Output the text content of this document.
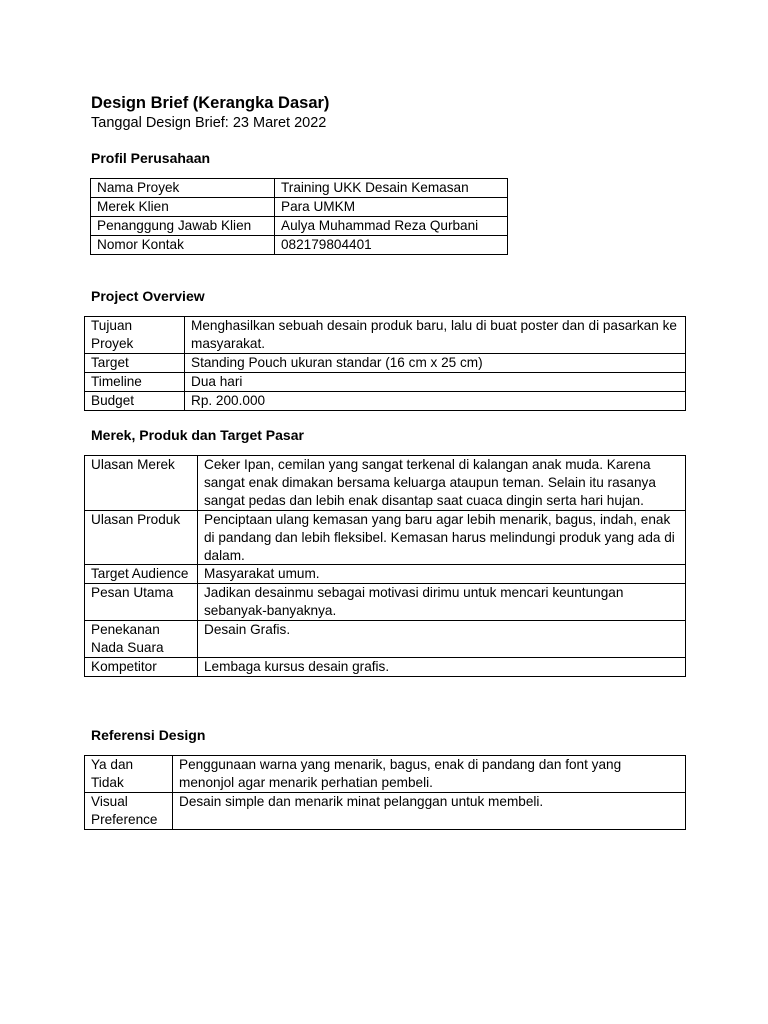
Design Brief (Kerangka Dasar)
Tanggal Design Brief: 23 Maret 2022
Profil Perusahaan
Nama Proyek	Training UKK Desain Kemasan
Merek Klien	Para UMKM
Penanggung Jawab Klien	Aulya Muhammad Reza Qurbani
Nomor Kontak	082179804401
Project Overview
Tujuan Proyek	Menghasilkan sebuah desain produk baru, lalu di buat poster dan di pasarkan ke masyarakat.
Target	Standing Pouch ukuran standar (16 cm x 25 cm)
Timeline	Dua hari
Budget	Rp. 200.000
Merek, Produk dan Target Pasar
Ulasan Merek	Ceker Ipan, cemilan yang sangat terkenal di kalangan anak muda. Karena sangat enak dimakan bersama keluarga ataupun teman. Selain itu rasanya sangat pedas dan lebih enak disantap saat cuaca dingin serta hari hujan.
Ulasan Produk	Penciptaan ulang kemasan yang baru agar lebih menarik, bagus, indah, enak di pandang dan lebih fleksibel. Kemasan harus melindungi produk yang ada di dalam.
Target Audience	Masyarakat umum.
Pesan Utama	Jadikan desainmu sebagai motivasi dirimu untuk mencari keuntungan sebanyak-banyaknya.
Penekanan Nada Suara	Desain Grafis.
Kompetitor	Lembaga kursus desain grafis.
Referensi Design
Ya dan Tidak	Penggunaan warna yang menarik, bagus, enak di pandang dan font yang menonjol agar menarik perhatian pembeli.
Visual Preference	Desain simple dan menarik minat pelanggan untuk membeli.
